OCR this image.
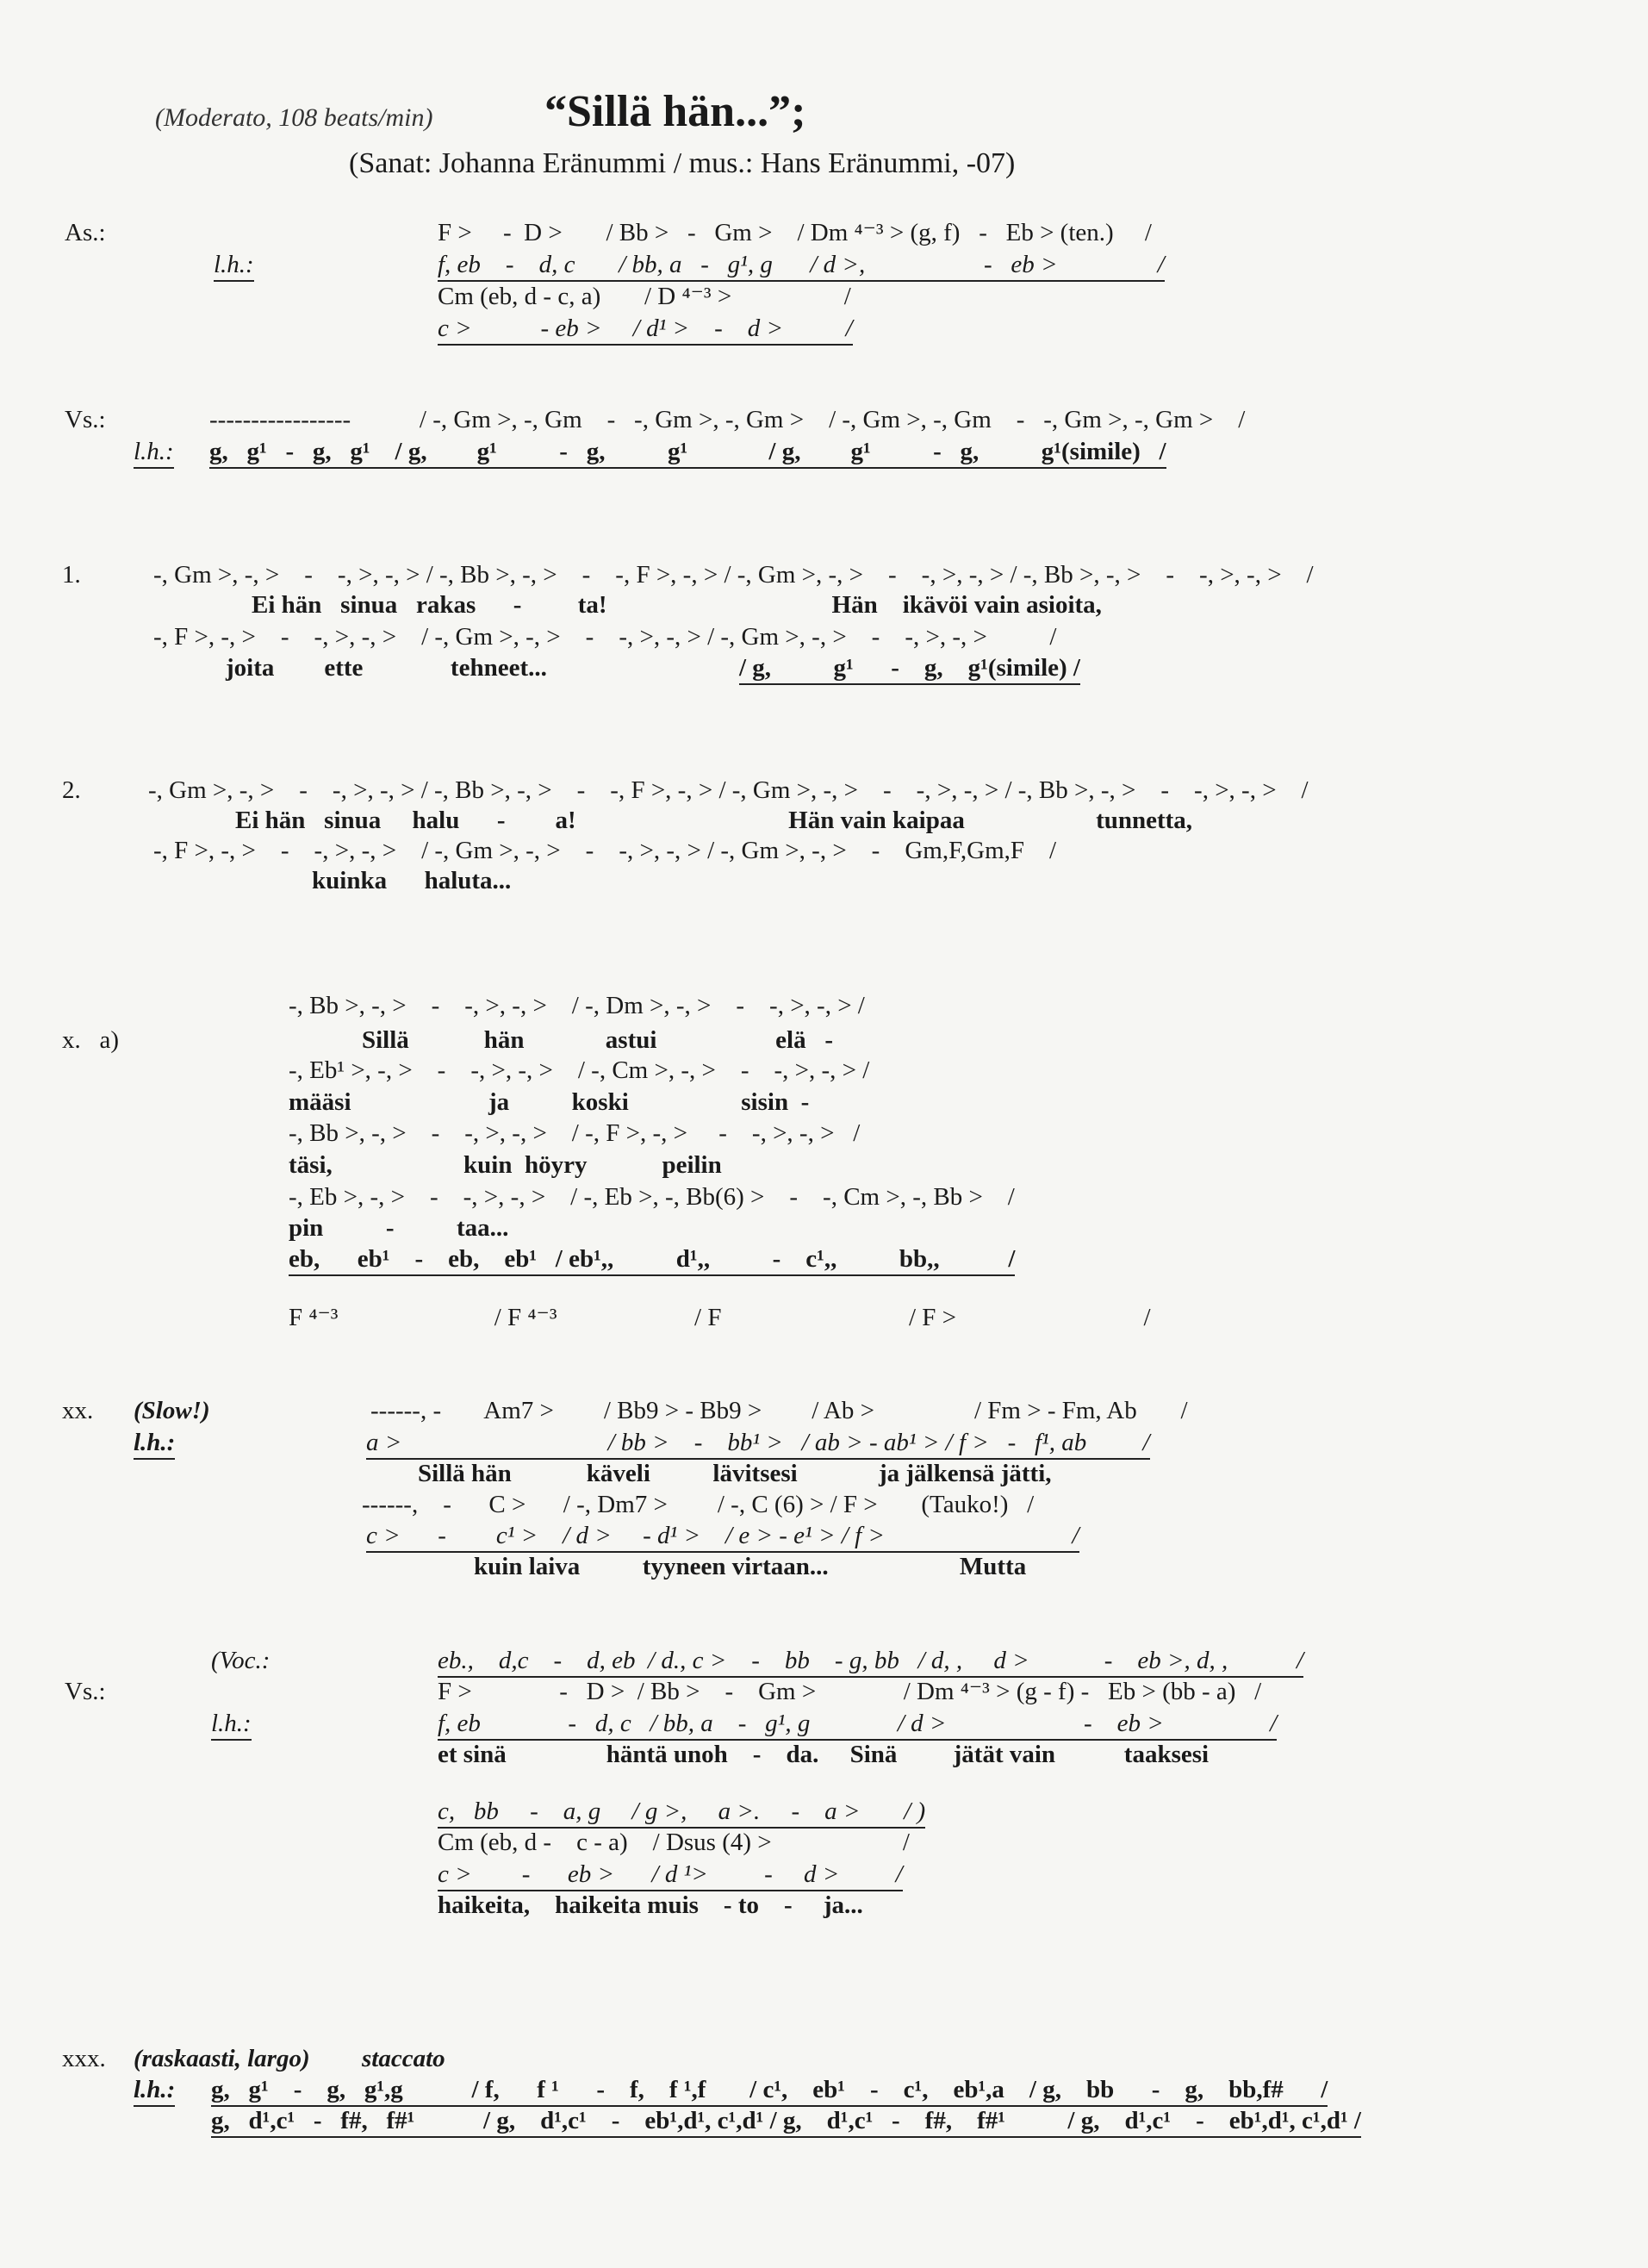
(Moderato, 108 beats/min) “Sillä hän...”;
(Sanat: Johanna Eränummi / mus.: Hans Eränummi, -07)
As.:
l.h.:
F >     -  D >       / Bb >   -   Gm >    / Dm ⁴⁻³ > (g, f)   -   Eb > (ten.)     /
f, eb    -    d, c       / bb, a   -   g¹, g      / d >,                   -   eb >                /
Cm (eb, d - c, a)       / D ⁴⁻³ >                  /
c >           - eb >     / d¹ >    -    d >          /
Vs.:
l.h.:
-----------------           / -, Gm >, -, Gm    -   -, Gm >, -, Gm >    / -, Gm >, -, Gm    -   -, Gm >, -, Gm >    /
g,   g¹   -   g,   g¹    / g,        g¹          -   g,          g¹             / g,        g¹          -   g,          g¹(simile)   /
1.	-, Gm >, -, >    -    -, >, -, > / -, Bb >, -, >    -    -, F >, -, > / -, Gm >, -, >    -    -, >, -, > / -, Bb >, -, >    -    -, >, -, >    /
Ei hän   sinua   rakas      -         ta!                                    Hän    ikävöi vain asioita,
-, F >, -, >    -    -, >, -, >    / -, Gm >, -, >    -    -, >, -, > / -, Gm >, -, >    -    -, >, -, >          /
joita        ette              tehneet...	/ g,          g¹      -    g,    g¹(simile) /
2.	-, Gm >, -, >    -    -, >, -, > / -, Bb >, -, >    -    -, F >, -, > / -, Gm >, -, >    -    -, >, -, > / -, Bb >, -, >    -    -, >, -, >    /
Ei hän   sinua     halu      -        a!                                  Hän vain kaipaa                     tunnetta,
-, F >, -, >    -    -, >, -, >    / -, Gm >, -, >    -    -, >, -, > / -, Gm >, -, >    -    Gm,F,Gm,F    /
kuinka      haluta...
x.   a)
-, Bb >, -, >    -    -, >, -, >    / -, Dm >, -, >    -    -, >, -, > /
Sillä            hän             astui                   elä   -
-, Eb¹ >, -, >    -    -, >, -, >    / -, Cm >, -, >    -    -, >, -, > /
määsi                      ja          koski                  sisin  -
-, Bb >, -, >    -    -, >, -, >    / -, F >, -, >     -    -, >, -, >   /
täsi,                     kuin  höyry            peilin
-, Eb >, -, >    -    -, >, -, >    / -, Eb >, -, Bb(6) >    -    -, Cm >, -, Bb >    /
pin          -          taa...
eb,      eb¹    -    eb,    eb¹   / eb¹,,          d¹,,          -    c¹,,          bb,,           /
F ⁴⁻³                         / F ⁴⁻³                      / F                              / F >                              /
xx. (Slow!)
l.h.:
------, -       Am7 >        / Bb9 > - Bb9 >        / Ab >                / Fm > - Fm, Ab       /
a >                                 / bb >    -    bb¹ >   / ab > - ab¹ > / f >   -   f¹, ab         /
Sillä hän            käveli          lävitsesi             ja jälkensä jätti,
------,    -      C >      / -, Dm7 >        / -, C (6) > / F >       (Tauko!)   /
c >      -        c¹ >    / d >     - d¹ >    / e > - e¹ > / f >                              /
kuin laiva          tyyneen virtaan...                     Mutta
(Voc.:
Vs.:
l.h.:
eb.,    d,c    -    d, eb  / d., c >    -    bb    - g, bb   / d, ,     d >            -    eb >, d, ,           /
F >              -   D >  / Bb >    -    Gm >              / Dm ⁴⁻³ > (g - f) -   Eb > (bb - a)   /
f, eb              -   d, c   / bb, a    -   g¹, g              / d >                      -    eb >                 /
et sinä                häntä unoh    -    da.     Sinä         jätät vain           taaksesi
c,   bb     -    a, g     / g >,     a >.     -    a >       / )
Cm (eb, d -    c - a)    / Dsus (4) >                     /
c >        -      eb >      / d ¹>         -     d >         /
haikeita,    haikeita muis    - to    -     ja...
xxx. (raskaasti, largo) staccato
l.h.: g,   g¹    -    g,   g¹,g           / f,      f ¹      -    f,    f ¹,f       / c¹,    eb¹    -    c¹,    eb¹,a    / g,    bb      -    g,    bb,f#      /
g,   d¹,c¹   -   f#,   f#¹           / g,    d¹,c¹    -    eb¹,d¹, c¹,d¹ / g,    d¹,c¹   -    f#,    f#¹          / g,    d¹,c¹    -    eb¹,d¹, c¹,d¹ /
